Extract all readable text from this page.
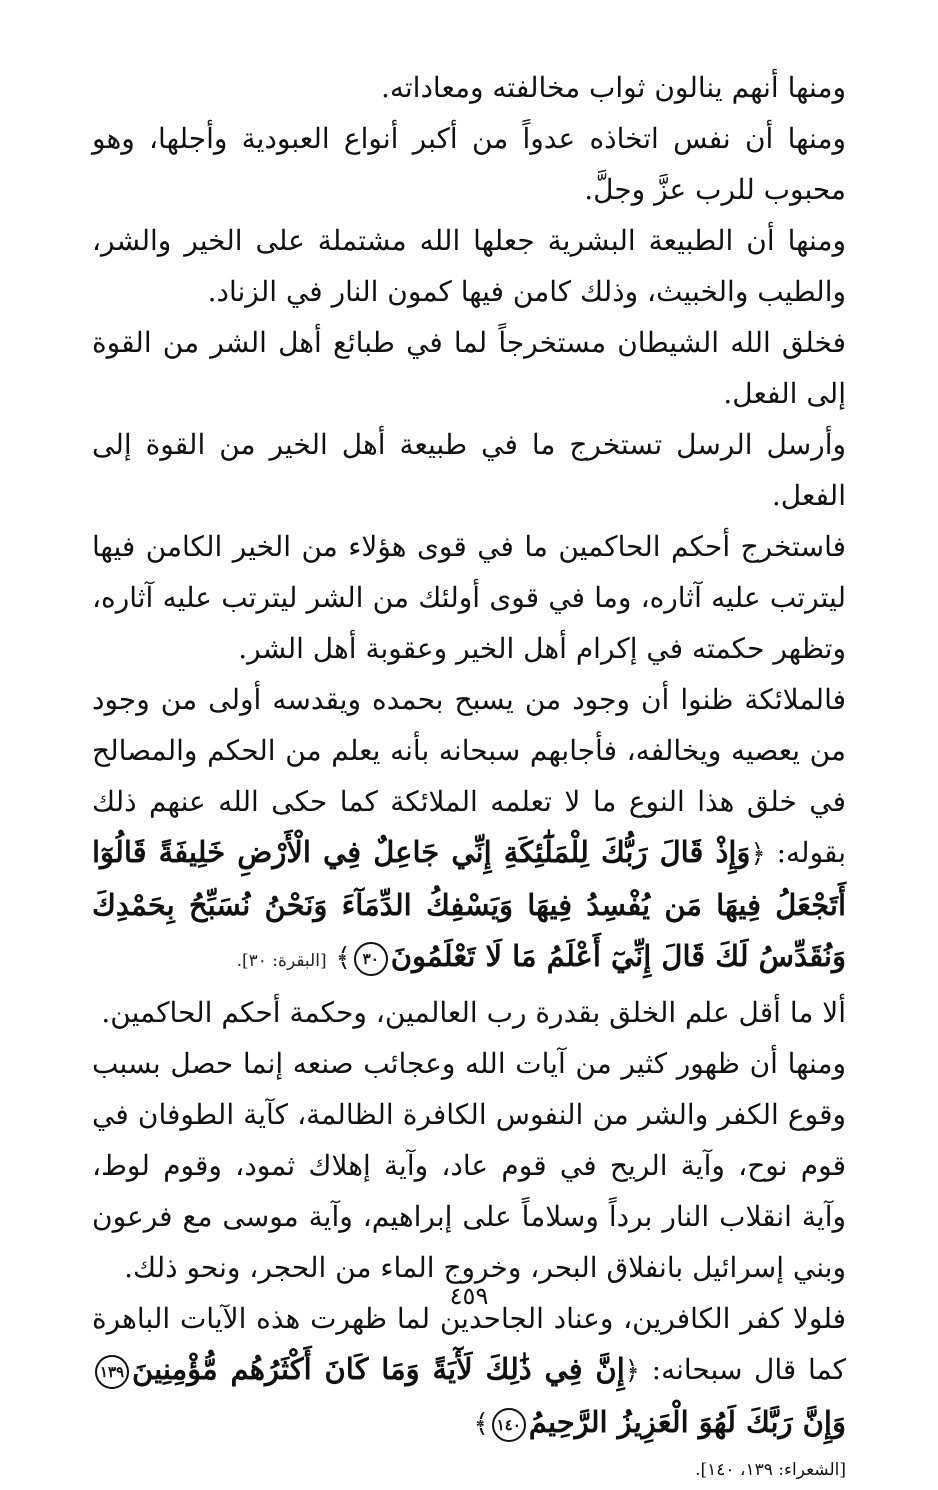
ومنها أنهم ينالون ثواب مخالفته ومعاداته.

ومنها أن نفس اتخاذه عدواً من أكبر أنواع العبودية وأجلها، وهو محبوب للرب عزَّ وجلَّ.

ومنها أن الطبيعة البشرية جعلها الله مشتملة على الخير والشر، والطيب والخبيث، وذلك كامن فيها كمون النار في الزناد.

فخلق الله الشيطان مستخرجاً لما في طبائع أهل الشر من القوة إلى الفعل.

وأرسل الرسل تستخرج ما في طبيعة أهل الخير من القوة إلى الفعل.

فاستخرج أحكم الحاكمين ما في قوى هؤلاء من الخير الكامن فيها ليترتب عليه آثاره، وما في قوى أولئك من الشر ليترتب عليه آثاره، وتظهر حكمته في إكرام أهل الخير وعقوبة أهل الشر.

فالملائكة ظنوا أن وجود من يسبح بحمده ويقدسه أولى من وجود من يعصيه ويخالفه، فأجابهم سبحانه بأنه يعلم من الحكم والمصالح في خلق هذا النوع ما لا تعلمه الملائكة كما حكى الله عنهم ذلك بقوله: ﴿وَإِذْ قَالَ رَبُّكَ لِلْمَلَٰٓئِكَةِ إِنِّي جَاعِلٌ فِي الْأَرْضِ خَلِيفَةً قَالُوٓا أَتَجْعَلُ فِيهَا مَن يُفْسِدُ فِيهَا وَيَسْفِكُ الدِّمَآءَ وَنَحْنُ نُسَبِّحُ بِحَمْدِكَ وَنُقَدِّسُ لَكَ قَالَ إِنِّيٓ أَعْلَمُ مَا لَا تَعْلَمُونَ٣٠﴾ [البقرة: ٣٠].

ألا ما أقل علم الخلق بقدرة رب العالمين، وحكمة أحكم الحاكمين.

ومنها أن ظهور كثير من آيات الله وعجائب صنعه إنما حصل بسبب وقوع الكفر والشر من النفوس الكافرة الظالمة، كآية الطوفان في قوم نوح، وآية الريح في قوم عاد، وآية إهلاك ثمود، وقوم لوط، وآية انقلاب النار برداً وسلاماً على إبراهيم، وآية موسى مع فرعون وبني إسرائيل بانفلاق البحر، وخروج الماء من الحجر، ونحو ذلك.

فلولا كفر الكافرين، وعناد الجاحدين لما ظهرت هذه الآيات الباهرة كما قال سبحانه: ﴿إِنَّ فِي ذَٰلِكَ لَأٓيَةً وَمَا كَانَ أَكْثَرُهُم مُّؤْمِنِينَ١٣٩وَإِنَّ رَبَّكَ لَهُوَ الْعَزِيزُ الرَّحِيمُ١٤٠﴾

[الشعراء: ١٣٩، ١٤٠].

٤٥٩
